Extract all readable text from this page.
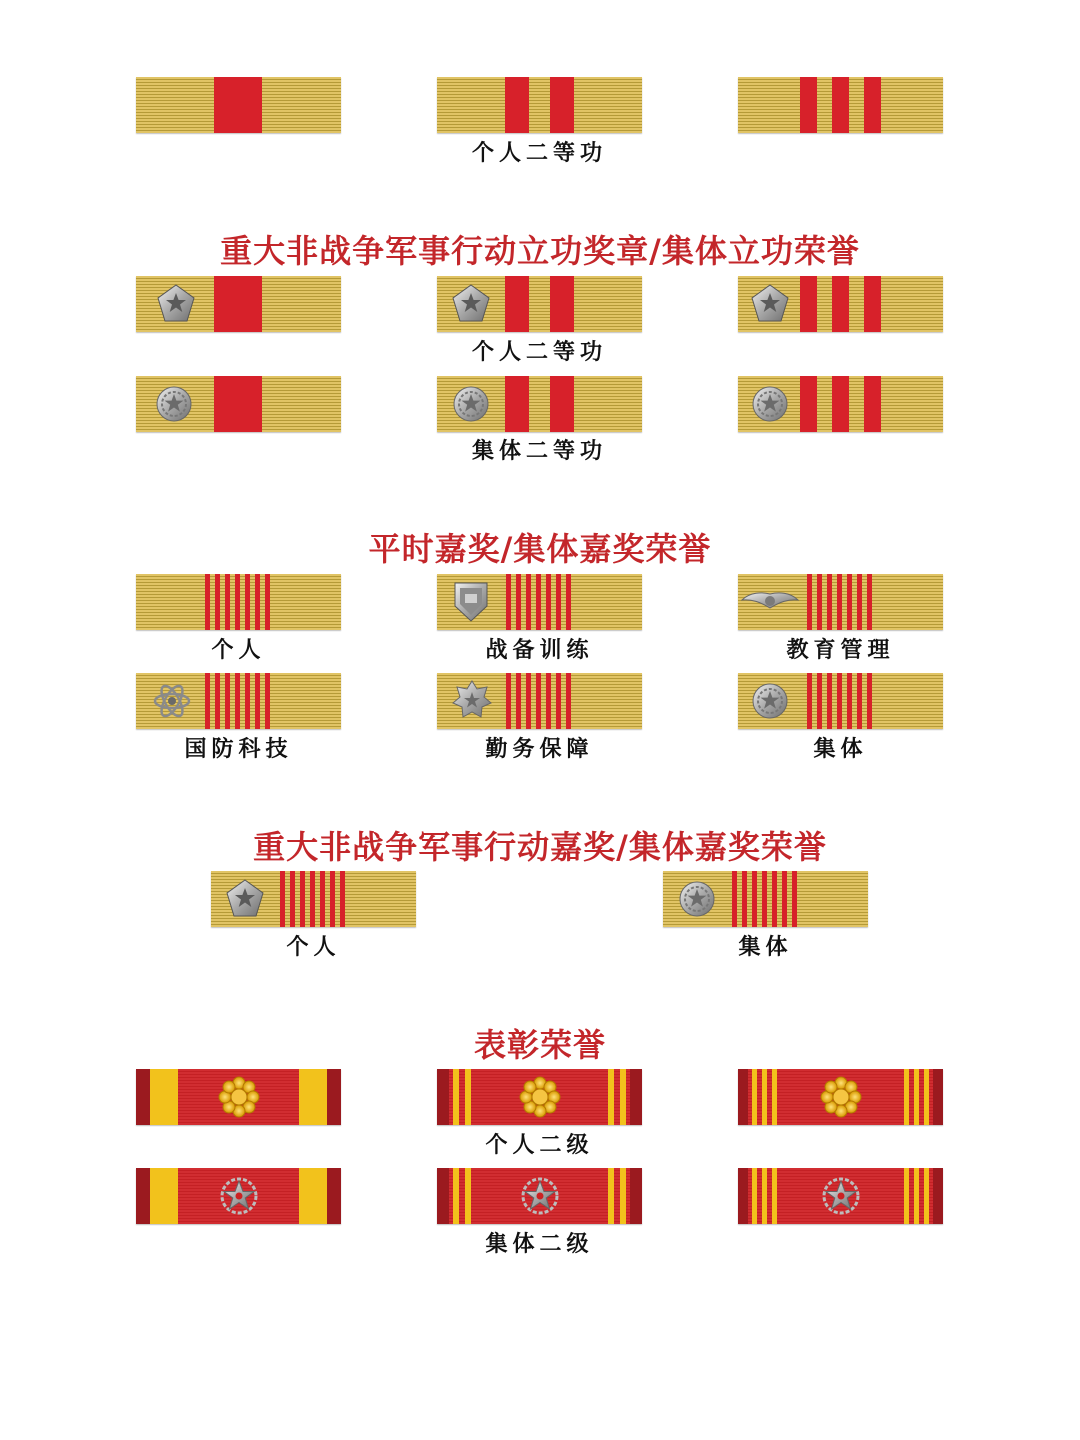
个人二等功
重大非战争军事行动立功奖章/集体立功荣誉
个人二等功
集体二等功
平时嘉奖/集体嘉奖荣誉
个人	战备训练	教育管理
国防科技	勤务保障	集体
重大非战争军事行动嘉奖/集体嘉奖荣誉
个人	集体
表彰荣誉
个人二级
集体二级
